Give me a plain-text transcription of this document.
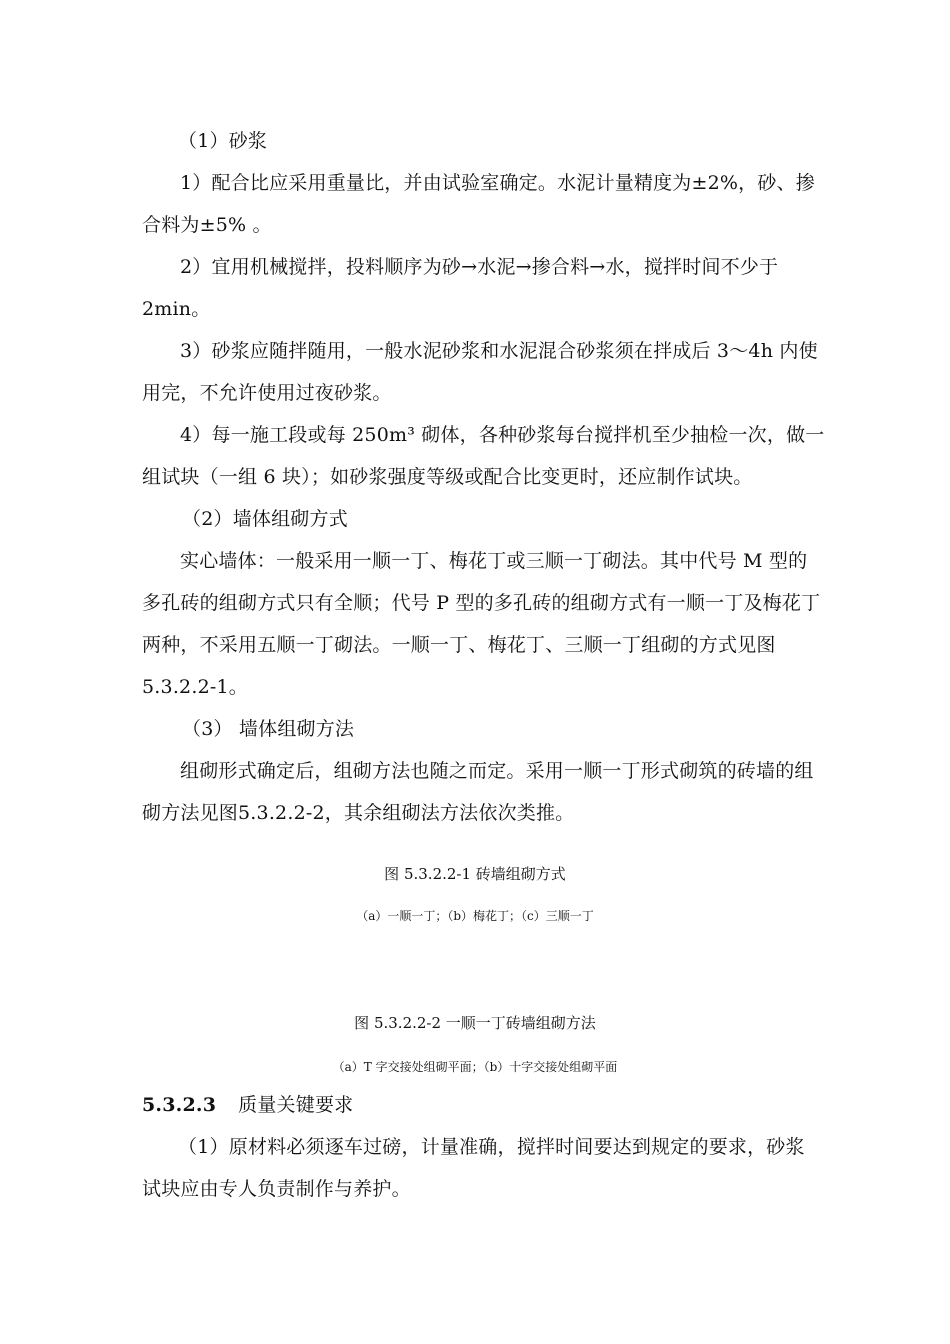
（1）砂浆
1）配合比应采用重量比，并由试验室确定。水泥计量精度为±2%，砂、掺
合料为±5% 。
2）宜用机械搅拌，投料顺序为砂→水泥→掺合料→水，搅拌时间不少于
2min。
3）砂浆应随拌随用，一般水泥砂浆和水泥混合砂浆须在拌成后 3～4h 内使
用完，不允许使用过夜砂浆。
4）每一施工段或每 250m³ 砌体，各种砂浆每台搅拌机至少抽检一次，做一
组试块（一组 6 块）；如砂浆强度等级或配合比变更时，还应制作试块。
（2）墙体组砌方式
实心墙体：一般采用一顺一丁、梅花丁或三顺一丁砌法。其中代号 M 型的
多孔砖的组砌方式只有全顺；代号 P 型的多孔砖的组砌方式有一顺一丁及梅花丁
两种，不采用五顺一丁砌法。一顺一丁、梅花丁、三顺一丁组砌的方式见图
5.3.2.2-1。
（3） 墙体组砌方法
组砌形式确定后，组砌方法也随之而定。采用一顺一丁形式砌筑的砖墙的组
砌方法见图5.3.2.2-2，其余组砌法方法依次类推。
图 5.3.2.2-1 砖墙组砌方式
（a）一顺一丁；（b）梅花丁；（c）三顺一丁
图 5.3.2.2-2 一顺一丁砖墙组砌方法
（a）T 字交接处组砌平面；（b）十字交接处组砌平面
5.3.2.3 质量关键要求
（1）原材料必须逐车过磅，计量准确，搅拌时间要达到规定的要求，砂浆
试块应由专人负责制作与养护。
